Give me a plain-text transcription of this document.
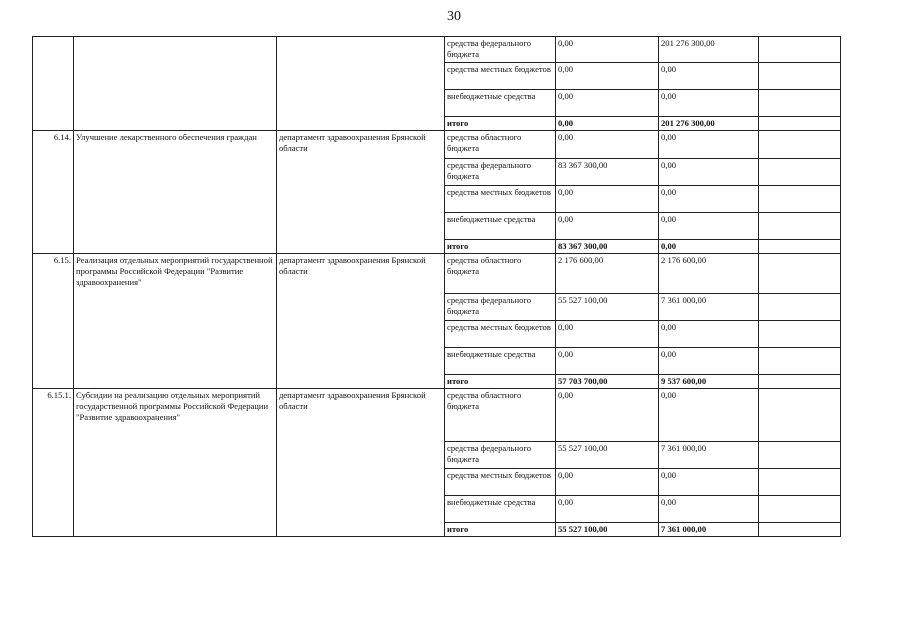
30
			средства федерального бюджета	0,00	201 276 300,00	
			средства местных бюджетов	0,00	0,00	
			внебюджетные средства	0,00	0,00	
			итого	0,00	201 276 300,00	
6.14.	Улучшение лекарственного обеспечения граждан	департамент здравоохранения Брянской области	средства областного бюджета	0,00	0,00	
			средства федерального бюджета	83 367 300,00	0,00	
			средства местных бюджетов	0,00	0,00	
			внебюджетные средства	0,00	0,00	
			итого	83 367 300,00	0,00	
6.15.	Реализация отдельных мероприятий государственной программы Российской Федерации "Развитие здравоохранения"	департамент здравоохранения Брянской области	средства областного бюджета	2 176 600,00	2 176 600,00	
			средства федерального бюджета	55 527 100,00	7 361 000,00	
			средства местных бюджетов	0,00	0,00	
			внебюджетные средства	0,00	0,00	
			итого	57 703 700,00	9 537 600,00	
6.15.1.	Субсидии на реализацию отдельных мероприятий государственной программы Российской Федерации "Развитие здравоохранения"	департамент здравоохранения Брянской области	средства областного бюджета	0,00	0,00	
			средства федерального бюджета	55 527 100,00	7 361 000,00	
			средства местных бюджетов	0,00	0,00	
			внебюджетные средства	0,00	0,00	
			итого	55 527 100,00	7 361 000,00	
